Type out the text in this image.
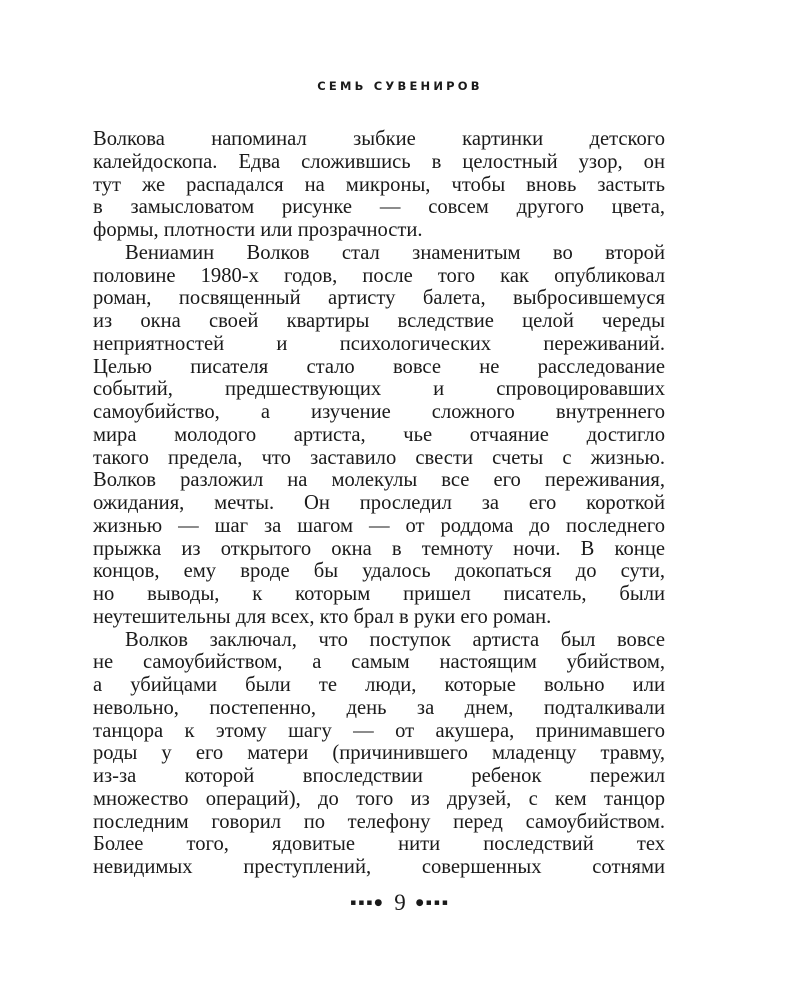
СЕМЬ СУВЕНИРОВ
Волкова напоминал зыбкие картинки детского
калейдоскопа. Едва сложившись в целостный узор, он
тут же распадался на микроны, чтобы вновь застыть
в замысловатом рисунке — совсем другого цвета,
формы, плотности или прозрачности.
Вениамин Волков стал знаменитым во второй
половине 1980-х годов, после того как опубликовал
роман, посвященный артисту балета, выбросившемуся
из окна своей квартиры вследствие целой череды
неприятностей и психологических переживаний.
Целью писателя стало вовсе не расследование
событий, предшествующих и спровоцировавших
самоубийство, а изучение сложного внутреннего
мира молодого артиста, чье отчаяние достигло
такого предела, что заставило свести счеты с жизнью.
Волков разложил на молекулы все его переживания,
ожидания, мечты. Он проследил за его короткой
жизнью — шаг за шагом — от роддома до последнего
прыжка из открытого окна в темноту ночи. В конце
концов, ему вроде бы удалось докопаться до сути,
но выводы, к которым пришел писатель, были
неутешительны для всех, кто брал в руки его роман.
Волков заключал, что поступок артиста был вовсе
не самоубийством, а самым настоящим убийством,
а убийцами были те люди, которые вольно или
невольно, постепенно, день за днем, подталкивали
танцора к этому шагу — от акушера, принимавшего
роды у его матери (причинившего младенцу травму,
из-за которой впоследствии ребенок пережил
множество операций), до того из друзей, с кем танцор
последним говорил по телефону перед самоубийством.
Более того, ядовитые нити последствий тех
невидимых преступлений, совершенных сотнями
▪▪▪● 9 ●▪▪▪
